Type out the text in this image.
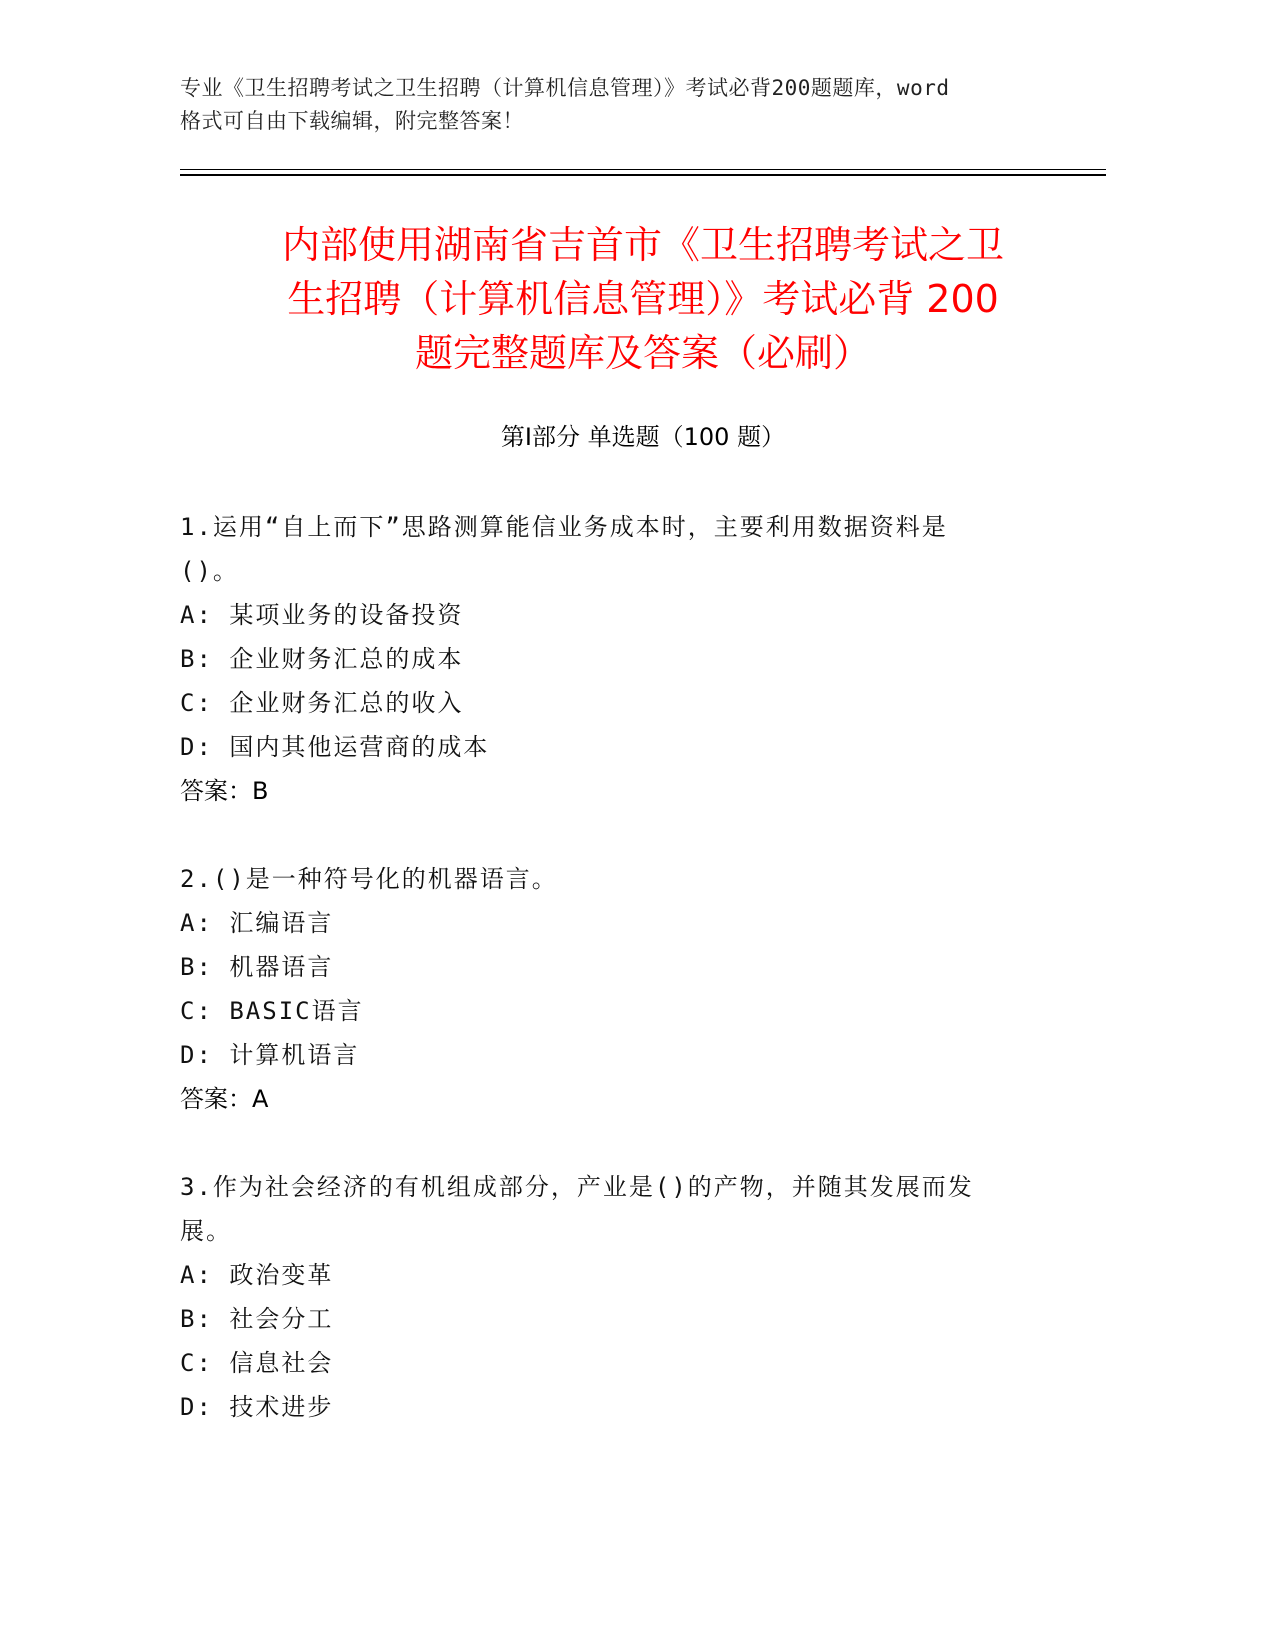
专业《卫生招聘考试之卫生招聘（计算机信息管理）》考试必背200题题库，word
格式可自由下载编辑，附完整答案！
内部使用湖南省吉首市《卫生招聘考试之卫
生招聘（计算机信息管理）》考试必背 200
题完整题库及答案（必刷）
第Ⅰ部分 单选题（100 题）
1.运用“自上而下”思路测算能信业务成本时，主要利用数据资料是
()。
A: 某项业务的设备投资
B: 企业财务汇总的成本
C: 企业财务汇总的收入
D: 国内其他运营商的成本
答案：B
2.()是一种符号化的机器语言。
A: 汇编语言
B: 机器语言
C: BASIC语言
D: 计算机语言
答案：A
3.作为社会经济的有机组成部分，产业是()的产物，并随其发展而发
展。
A: 政治变革
B: 社会分工
C: 信息社会
D: 技术进步
